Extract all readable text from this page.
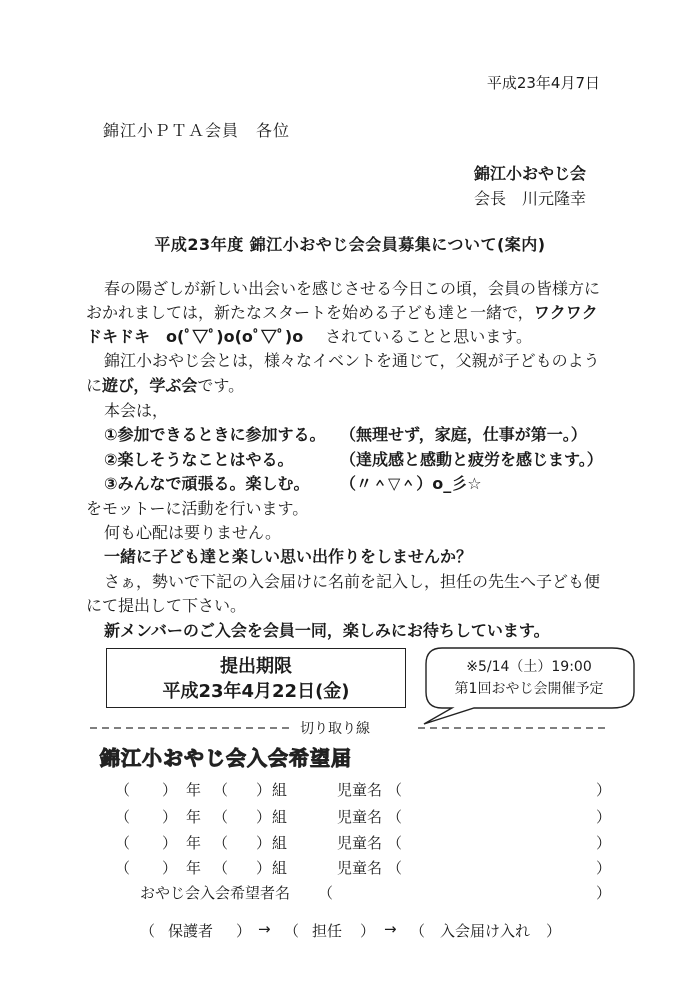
平成23年4月7日
錦江小ＰＴＡ会員　各位
錦江小おやじ会
会長　川元隆幸
平成23年度 錦江小おやじ会会員募集について(案内)
春の陽ざしが新しい出会いを感じさせる今日この頃，会員の皆様方に
おかれましては，新たなスタートを始める子ども達と一緒で，ワクワク
ドキドキ　o(ﾟ▽ﾟ)o(oﾟ▽ﾟ)o されていることと思います。
錦江小おやじ会とは，様々なイベントを通じて，父親が子どものよう
に遊び，学ぶ会です。
本会は，
①参加できるときに参加する。 （無理せず，家庭，仕事が第一。）
②楽しそうなことはやる。	（達成感と感動と疲労を感じます。）
③みんなで頑張る。楽しむ。 （〃＾▽＾）o_彡☆
をモットーに活動を行います。
何も心配は要りません。
一緒に子ども達と楽しい思い出作りをしませんか？
さぁ，勢いで下記の入会届けに名前を記入し，担任の先生へ子ども便
にて提出して下さい。
新メンバーのご入会を会員一同，楽しみにお待ちしています。
提出期限
平成23年4月22日(金)
※5/14（土）19:00
第1回おやじ会開催予定
切り取り線
錦江小おやじ会入会希望届
（ ） 年 （ ） 組	児童名 （	）
（ ） 年 （ ） 組	児童名 （	）
（ ） 年 （ ） 組	児童名 （	）
（ ） 年 （ ） 組	児童名 （	）
おやじ会入会希望者名 （	）
（ 保護者 ） → （ 担任 ） → （ 入会届け入れ ）
